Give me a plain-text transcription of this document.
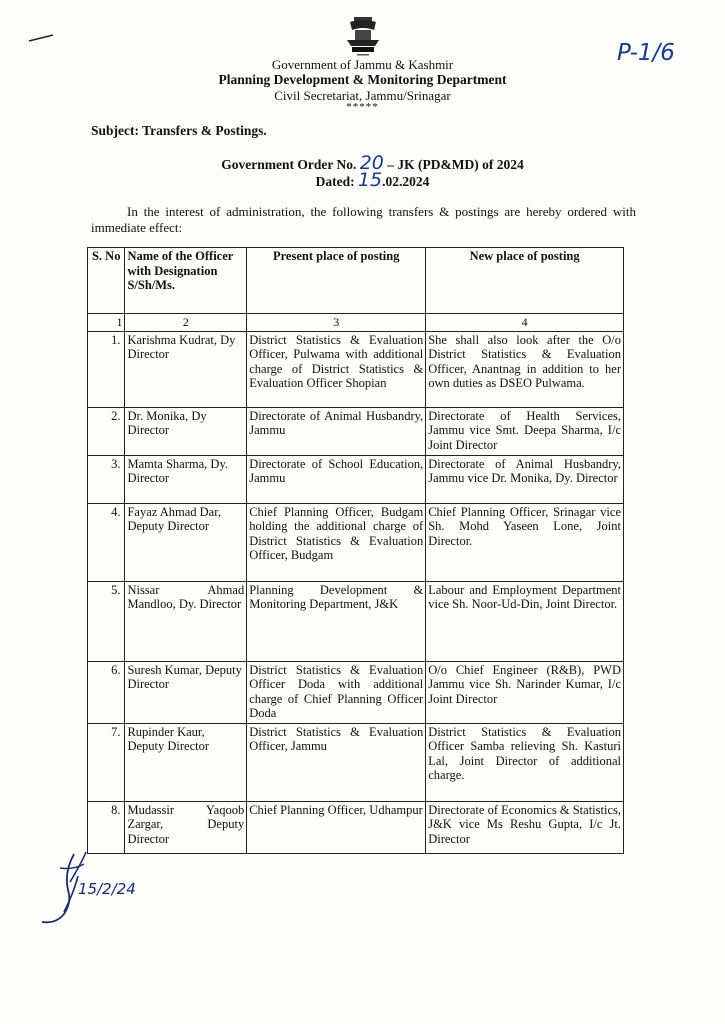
Government of Jammu & Kashmir
Planning Development & Monitoring Department
Civil Secretariat, Jammu/Srinagar
*****
P-1/6
Subject: Transfers & Postings.
Government Order No. 20 – JK (PD&MD) of 2024
Dated: 15.02.2024
In the interest of administration, the following transfers & postings are hereby ordered with immediate effect:
S. No	Name of the Officer with Designation S/Sh/Ms.	Present place of posting	New place of posting
1	2	3	4
1.	Karishma Kudrat, Dy Director	District Statistics & Evaluation Officer, Pulwama with additional charge of District Statistics & Evaluation Officer Shopian	She shall also look after the O/o District Statistics & Evaluation Officer, Anantnag in addition to her own duties as DSEO Pulwama.
2.	Dr. Monika, Dy Director	Directorate of Animal Husbandry, Jammu	Directorate of Health Services, Jammu vice Smt. Deepa Sharma, I/c Joint Director
3.	Mamta Sharma, Dy. Director	Directorate of School Education, Jammu	Directorate of Animal Husbandry, Jammu vice Dr. Monika, Dy. Director
4.	Fayaz Ahmad Dar, Deputy Director	Chief Planning Officer, Budgam holding the additional charge of District Statistics & Evaluation Officer, Budgam	Chief Planning Officer, Srinagar vice Sh. Mohd Yaseen Lone, Joint Director.
5.	Nissar Ahmad Mandloo, Dy. Director	Planning Development & Monitoring Department, J&K	Labour and Employment Department vice Sh. Noor-Ud-Din, Joint Director.
6.	Suresh Kumar, Deputy Director	District Statistics & Evaluation Officer Doda with additional charge of Chief Planning Officer Doda	O/o Chief Engineer (R&B), PWD Jammu vice Sh. Narinder Kumar, I/c Joint Director
7.	Rupinder Kaur, Deputy Director	District Statistics & Evaluation Officer, Jammu	District Statistics & Evaluation Officer Samba relieving Sh. Kasturi Lal, Joint Director of additional charge.
8.	Mudassir Yaqoob Zargar, Deputy Director	Chief Planning Officer, Udhampur	Directorate of Economics & Statistics, J&K vice Ms Reshu Gupta, I/c Jt. Director
15/2/24
